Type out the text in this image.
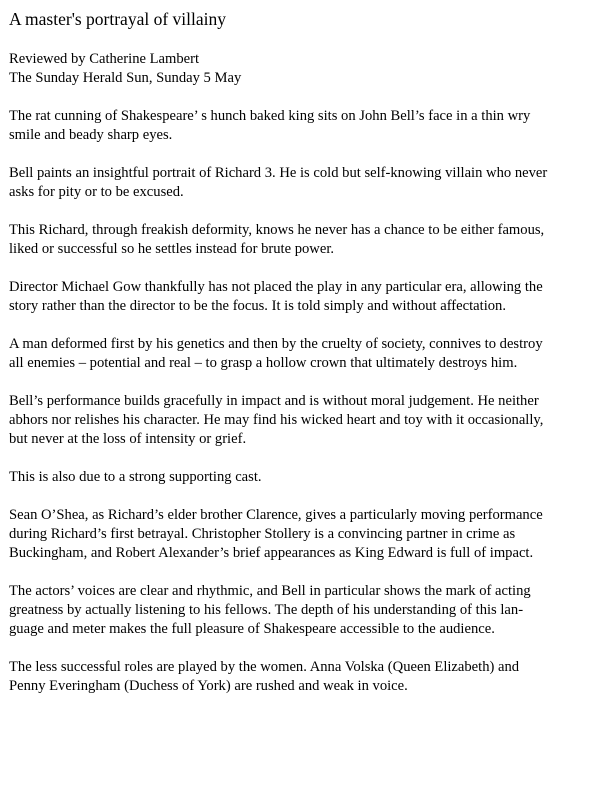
A master's portrayal of villainy
Reviewed by Catherine Lambert
The Sunday Herald Sun, Sunday 5 May

The rat cunning of Shakespeare’ s hunch baked king sits on John Bell’s face in a thin wry
smile and beady sharp eyes.

Bell paints an insightful portrait of Richard 3. He is cold but self-knowing villain who never
asks for pity or to be excused.

This Richard, through freakish deformity, knows he never has a chance to be either famous,
liked or successful so he settles instead for brute power.

Director Michael Gow thankfully has not placed the play in any particular era, allowing the
story rather than the director to be the focus. It is told simply and without affectation.

A man deformed first by his genetics and then by the cruelty of society, connives to destroy
all enemies – potential and real – to grasp a hollow crown that ultimately destroys him.

Bell’s performance builds gracefully in impact and is without moral judgement. He neither
abhors nor relishes his character. He may find his wicked heart and toy with it occasionally,
but never at the loss of intensity or grief.

This is also due to a strong supporting cast.

Sean O’Shea, as Richard’s elder brother Clarence, gives a particularly moving performance
during Richard’s first betrayal. Christopher Stollery is a convincing partner in crime as
Buckingham, and Robert Alexander’s brief appearances as King Edward is full of impact.

The actors’ voices are clear and rhythmic, and Bell in particular shows the mark of acting
greatness by actually listening to his fellows. The depth of his understanding of this lan-
guage and meter makes the full pleasure of Shakespeare accessible to the audience.

The less successful roles are played by the women. Anna Volska (Queen Elizabeth) and
Penny Everingham (Duchess of York) are rushed and weak in voice.
